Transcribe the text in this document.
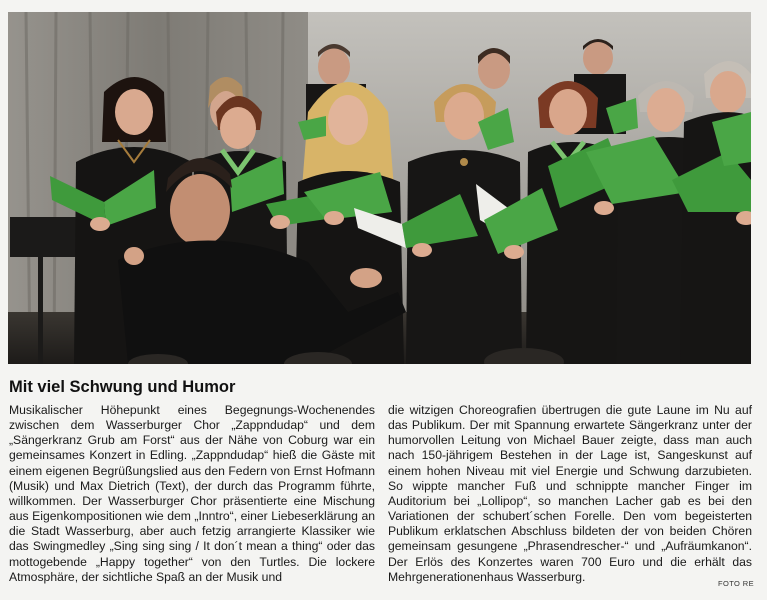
Mit viel Schwung und Humor

Musikalischer Höhepunkt eines Begegnungs-Wochenendes zwischen dem Wasserburger Chor „Zappndudap“ und dem „Sängerkranz Grub am Forst“ aus der Nähe von Coburg war ein gemeinsames Konzert in Edling. „Zappndudap“ hieß die Gäste mit einem eigenen Begrüßungslied aus den Federn von Ernst Hofmann (Musik) und Max Dietrich (Text), der durch das Programm führte, willkommen. Der Wasserburger Chor präsentierte eine Mischung aus Eigenkompositionen wie dem „Inntro“, einer Liebeserklärung an die Stadt Wasserburg, aber auch fetzig arrangierte Klassiker wie das Swingmedley „Sing sing sing / It don´t mean a thing“ oder das mottogebende „Happy together“ von den Turtles. Die lockere Atmosphäre, der sichtliche Spaß an der Musik und

die witzigen Choreografien übertrugen die gute Laune im Nu auf das Publikum. Der mit Spannung erwartete Sängerkranz unter der humorvollen Leitung von Michael Bauer zeigte, dass man auch nach 150-jährigem Bestehen in der Lage ist, Sangeskunst auf einem hohen Niveau mit viel Energie und Schwung darzubieten. So wippte mancher Fuß und schnippte mancher Finger im Auditorium bei „Lollipop“, so manchen Lacher gab es bei den Variationen der schubert´schen Forelle. Den vom begeisterten Publikum erklatschen Abschluss bildeten der von beiden Chören gemeinsam gesungene „Phrasendrescher-“ und „Aufräumkanon“. Der Erlös des Konzertes waren 700 Euro und die erhält das Mehrgenerationenhaus Wasserburg.	FOTO RE
